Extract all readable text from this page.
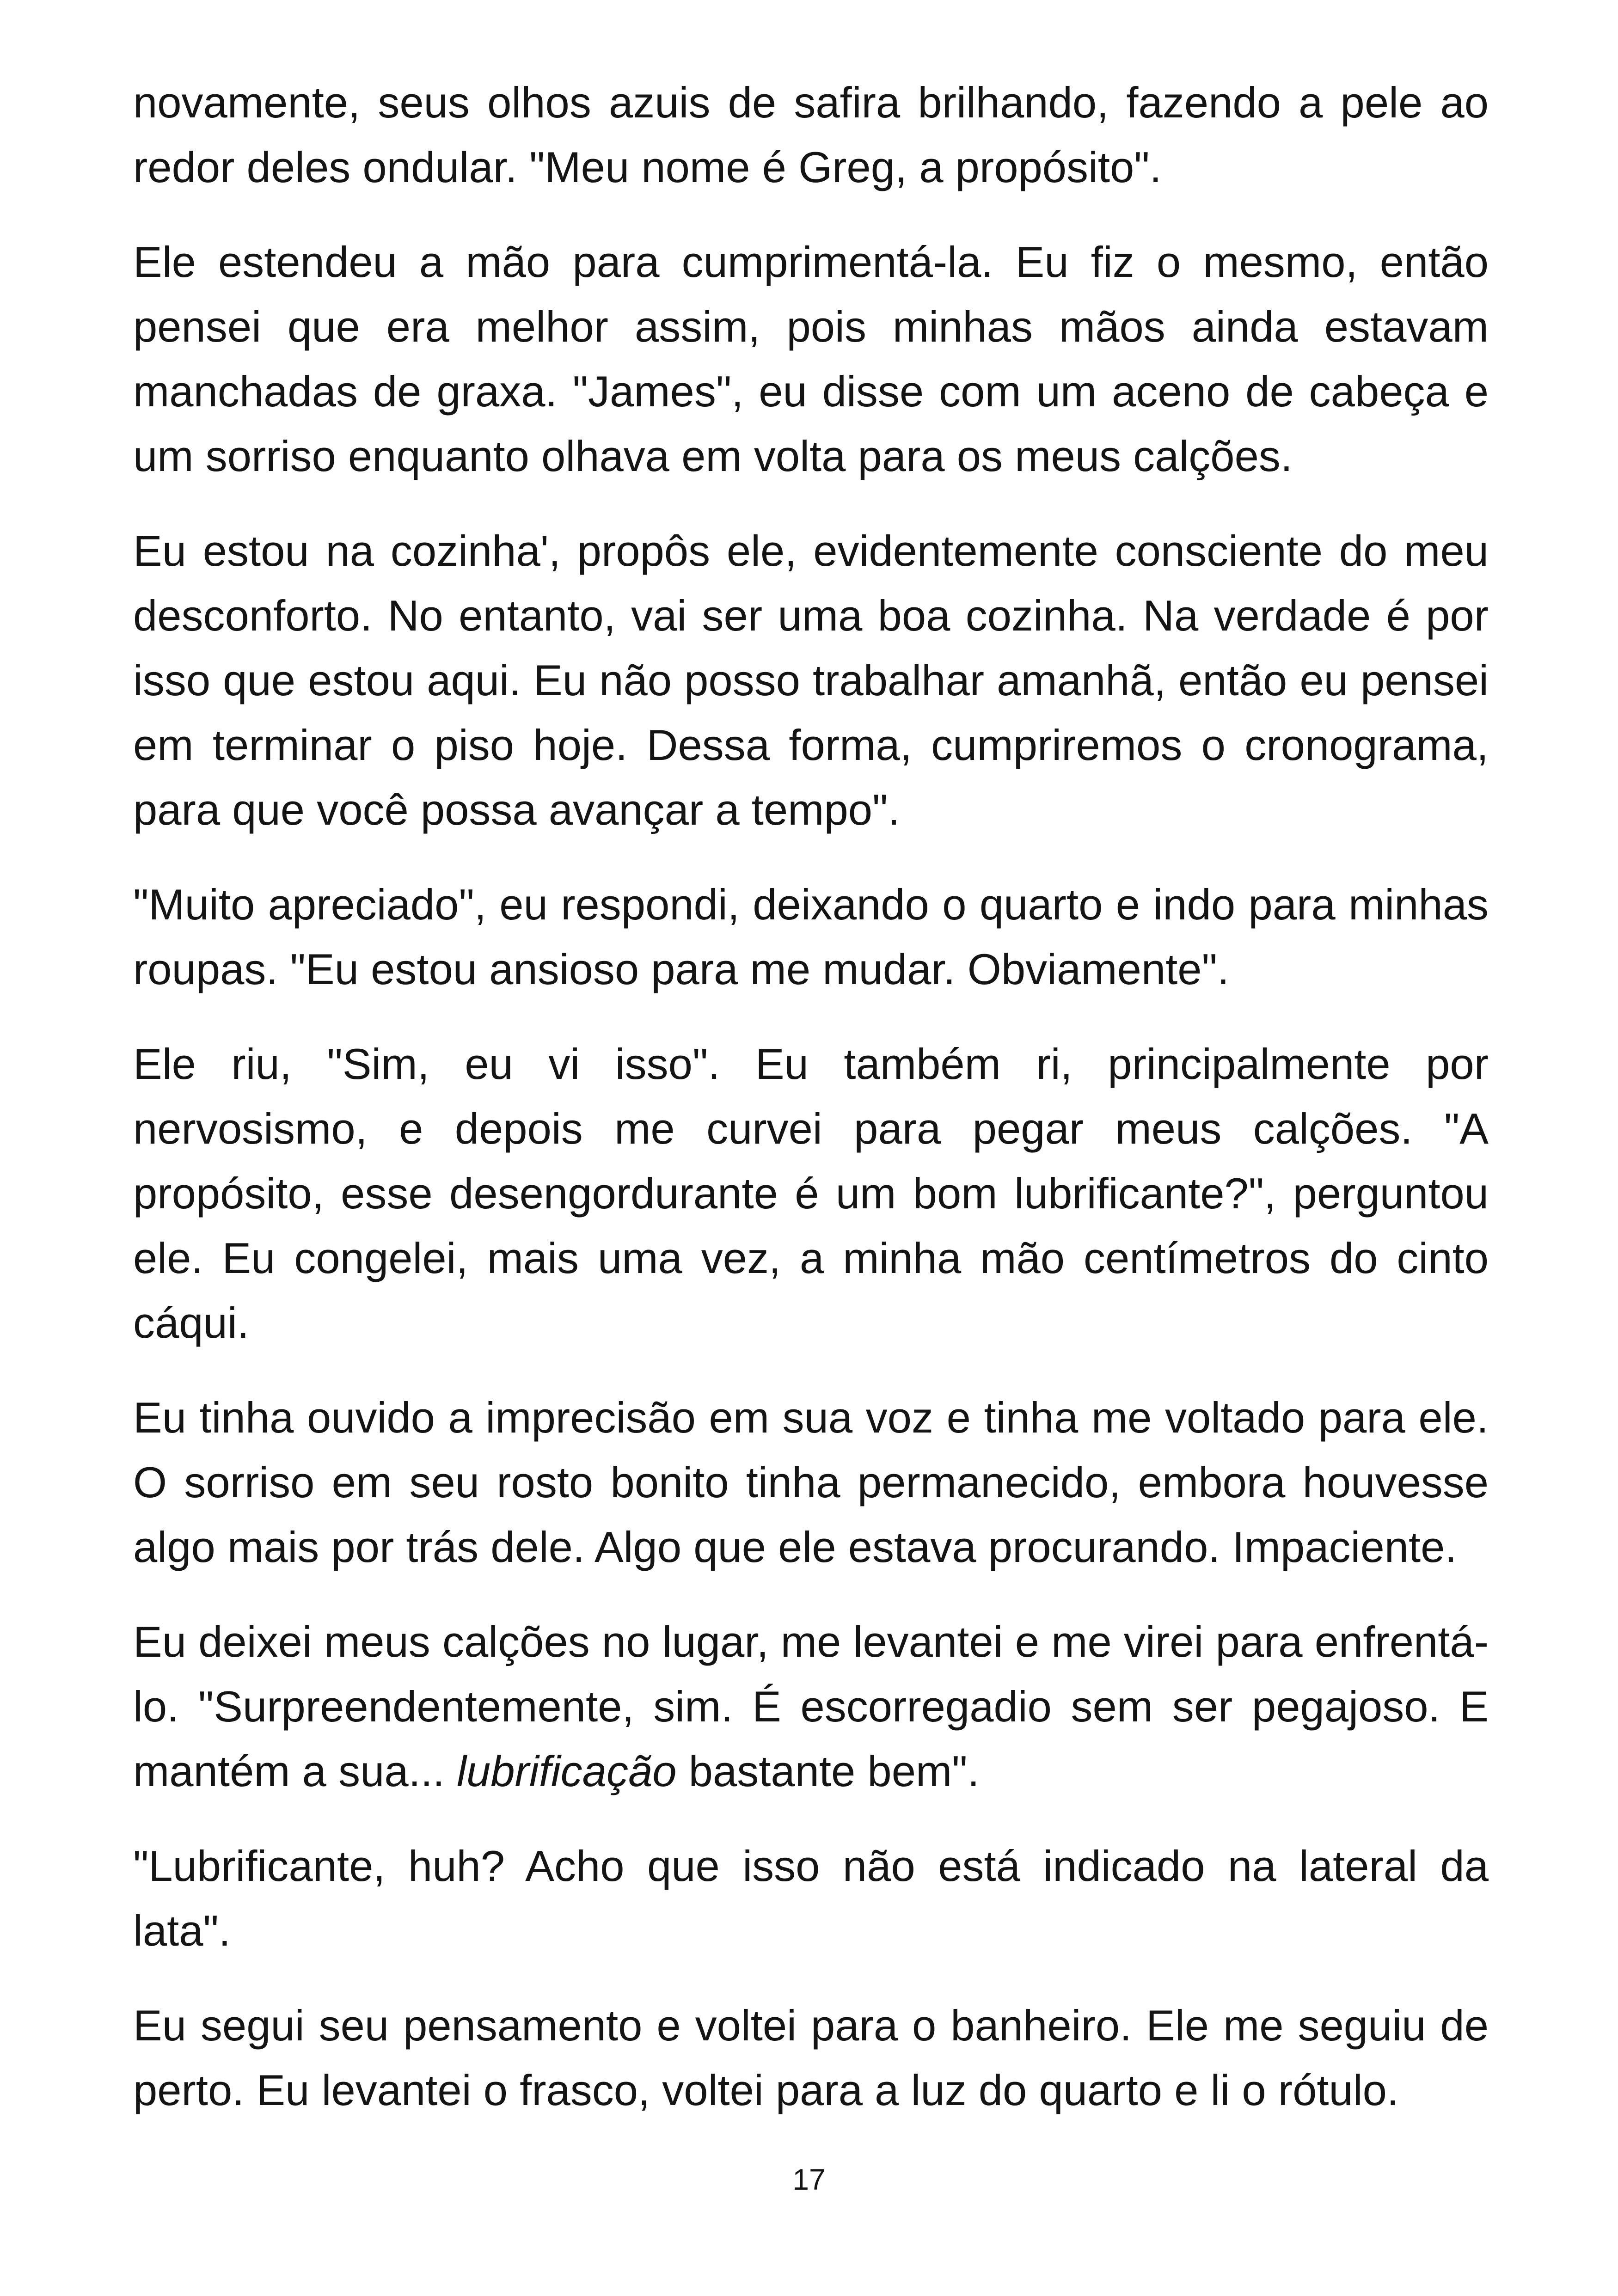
novamente, seus olhos azuis de safira brilhando, fazendo a pele ao redor deles ondular. "Meu nome é Greg, a propósito".

Ele estendeu a mão para cumprimentá-la. Eu fiz o mesmo, então pensei que era melhor assim, pois minhas mãos ainda estavam manchadas de graxa. "James", eu disse com um aceno de cabeça e um sorriso enquanto olhava em volta para os meus calções.

Eu estou na cozinha', propôs ele, evidentemente consciente do meu desconforto. No entanto, vai ser uma boa cozinha. Na verdade é por isso que estou aqui. Eu não posso trabalhar amanhã, então eu pensei em terminar o piso hoje. Dessa forma, cumpriremos o cronograma, para que você possa avançar a tempo".

"Muito apreciado", eu respondi, deixando o quarto e indo para minhas roupas. "Eu estou ansioso para me mudar. Obviamente".

Ele riu, "Sim, eu vi isso". Eu também ri, principalmente por nervosismo, e depois me curvei para pegar meus calções. "A propósito, esse desengordurante é um bom lubrificante?", perguntou ele. Eu congelei, mais uma vez, a minha mão centímetros do cinto cáqui.

Eu tinha ouvido a imprecisão em sua voz e tinha me voltado para ele. O sorriso em seu rosto bonito tinha permanecido, embora houvesse algo mais por trás dele. Algo que ele estava procurando. Impaciente.

Eu deixei meus calções no lugar, me levantei e me virei para enfrentá-lo. "Surpreendentemente, sim. É escorregadio sem ser pegajoso. E mantém a sua... lubrificação bastante bem".

"Lubrificante, huh? Acho que isso não está indicado na lateral da lata".

Eu segui seu pensamento e voltei para o banheiro. Ele me seguiu de perto. Eu levantei o frasco, voltei para a luz do quarto e li o rótulo.

17
